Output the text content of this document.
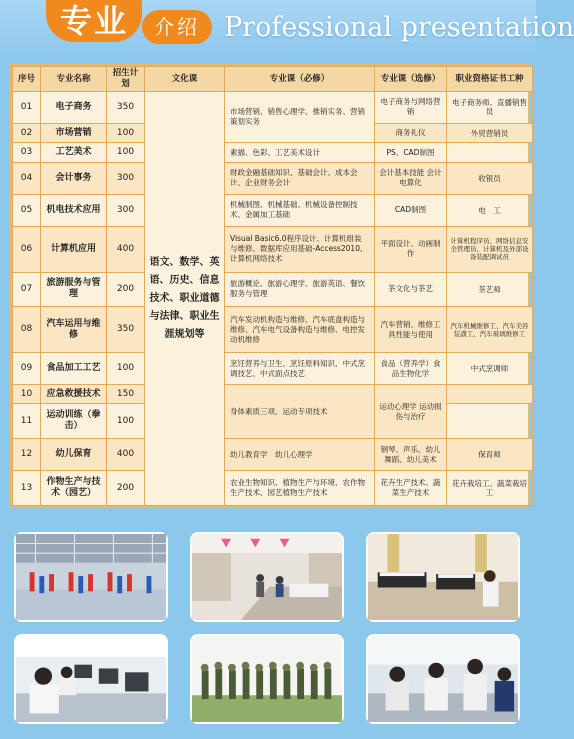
专业	介绍 Professional presentation
序号	专业名称	招生计划	文化课	专业课（必修）	专业课（选修）	职业资格证书工种
01	电子商务	350	语文、数学、英语、历史、信息技术、职业道德与法律、职业生涯规划等	市场营销、销售心理学、推销实务、营销策划实务	电子商务与网络营销	电子商务师、直播销售员
02	市场营销	100			商务礼仪	外贸营销员
03	工艺美术	100		素描、色彩、工艺美术设计	PS、CAD制图	
04	会计事务	300		财政金融基础知识、基础会计、成本会计、企业财务会计	会计基本技能 会计电算化	收银员
05	机电技术应用	300		机械制图、机械基础、机械设备控制技术、金属加工基础	CAD制图	电　工
06	计算机应用	400		Visual Basic6.0程序设计、计算机组装与维修、数据库应用基础-Access2010、计算机网络技术	平面设计、动画制作	计算机程序员、网络信息安全管理员、计算机及外部设备装配调试员
07	旅游服务与管理	200		旅游概论、旅游心理学、旅游英语、餐饮服务与管理	茶文化与茶艺	茶艺师
08	汽车运用与维修	350		汽车发动机构造与维修、汽车底盘构造与维修、汽车电气设备构造与维修、电控发动机维修	汽车营销、维修工具性能与使用	汽车机械维修工、汽车美容装潢工、汽车玻璃维修工
09	食品加工工艺	100		烹饪营养与卫生、烹饪原料知识、中式烹调技艺、中式面点技艺	食品（营养学）食品生物化学	中式烹调师
10	应急救援技术	150		身体素质三项、运动专项技术	运动心理学 运动损伤与治疗	
11	运动训练（拳击）	100				
12	幼儿保育	400		幼儿教育学　幼儿心理学	钢琴、声乐、幼儿舞蹈、幼儿美术	保育师
13	作物生产与技术（园艺）	200		农业生物知识、植物生产与环境、农作物生产技术、园艺植物生产技术	花卉生产技术、蔬菜生产技术	花卉栽培工、蔬菜栽培工
